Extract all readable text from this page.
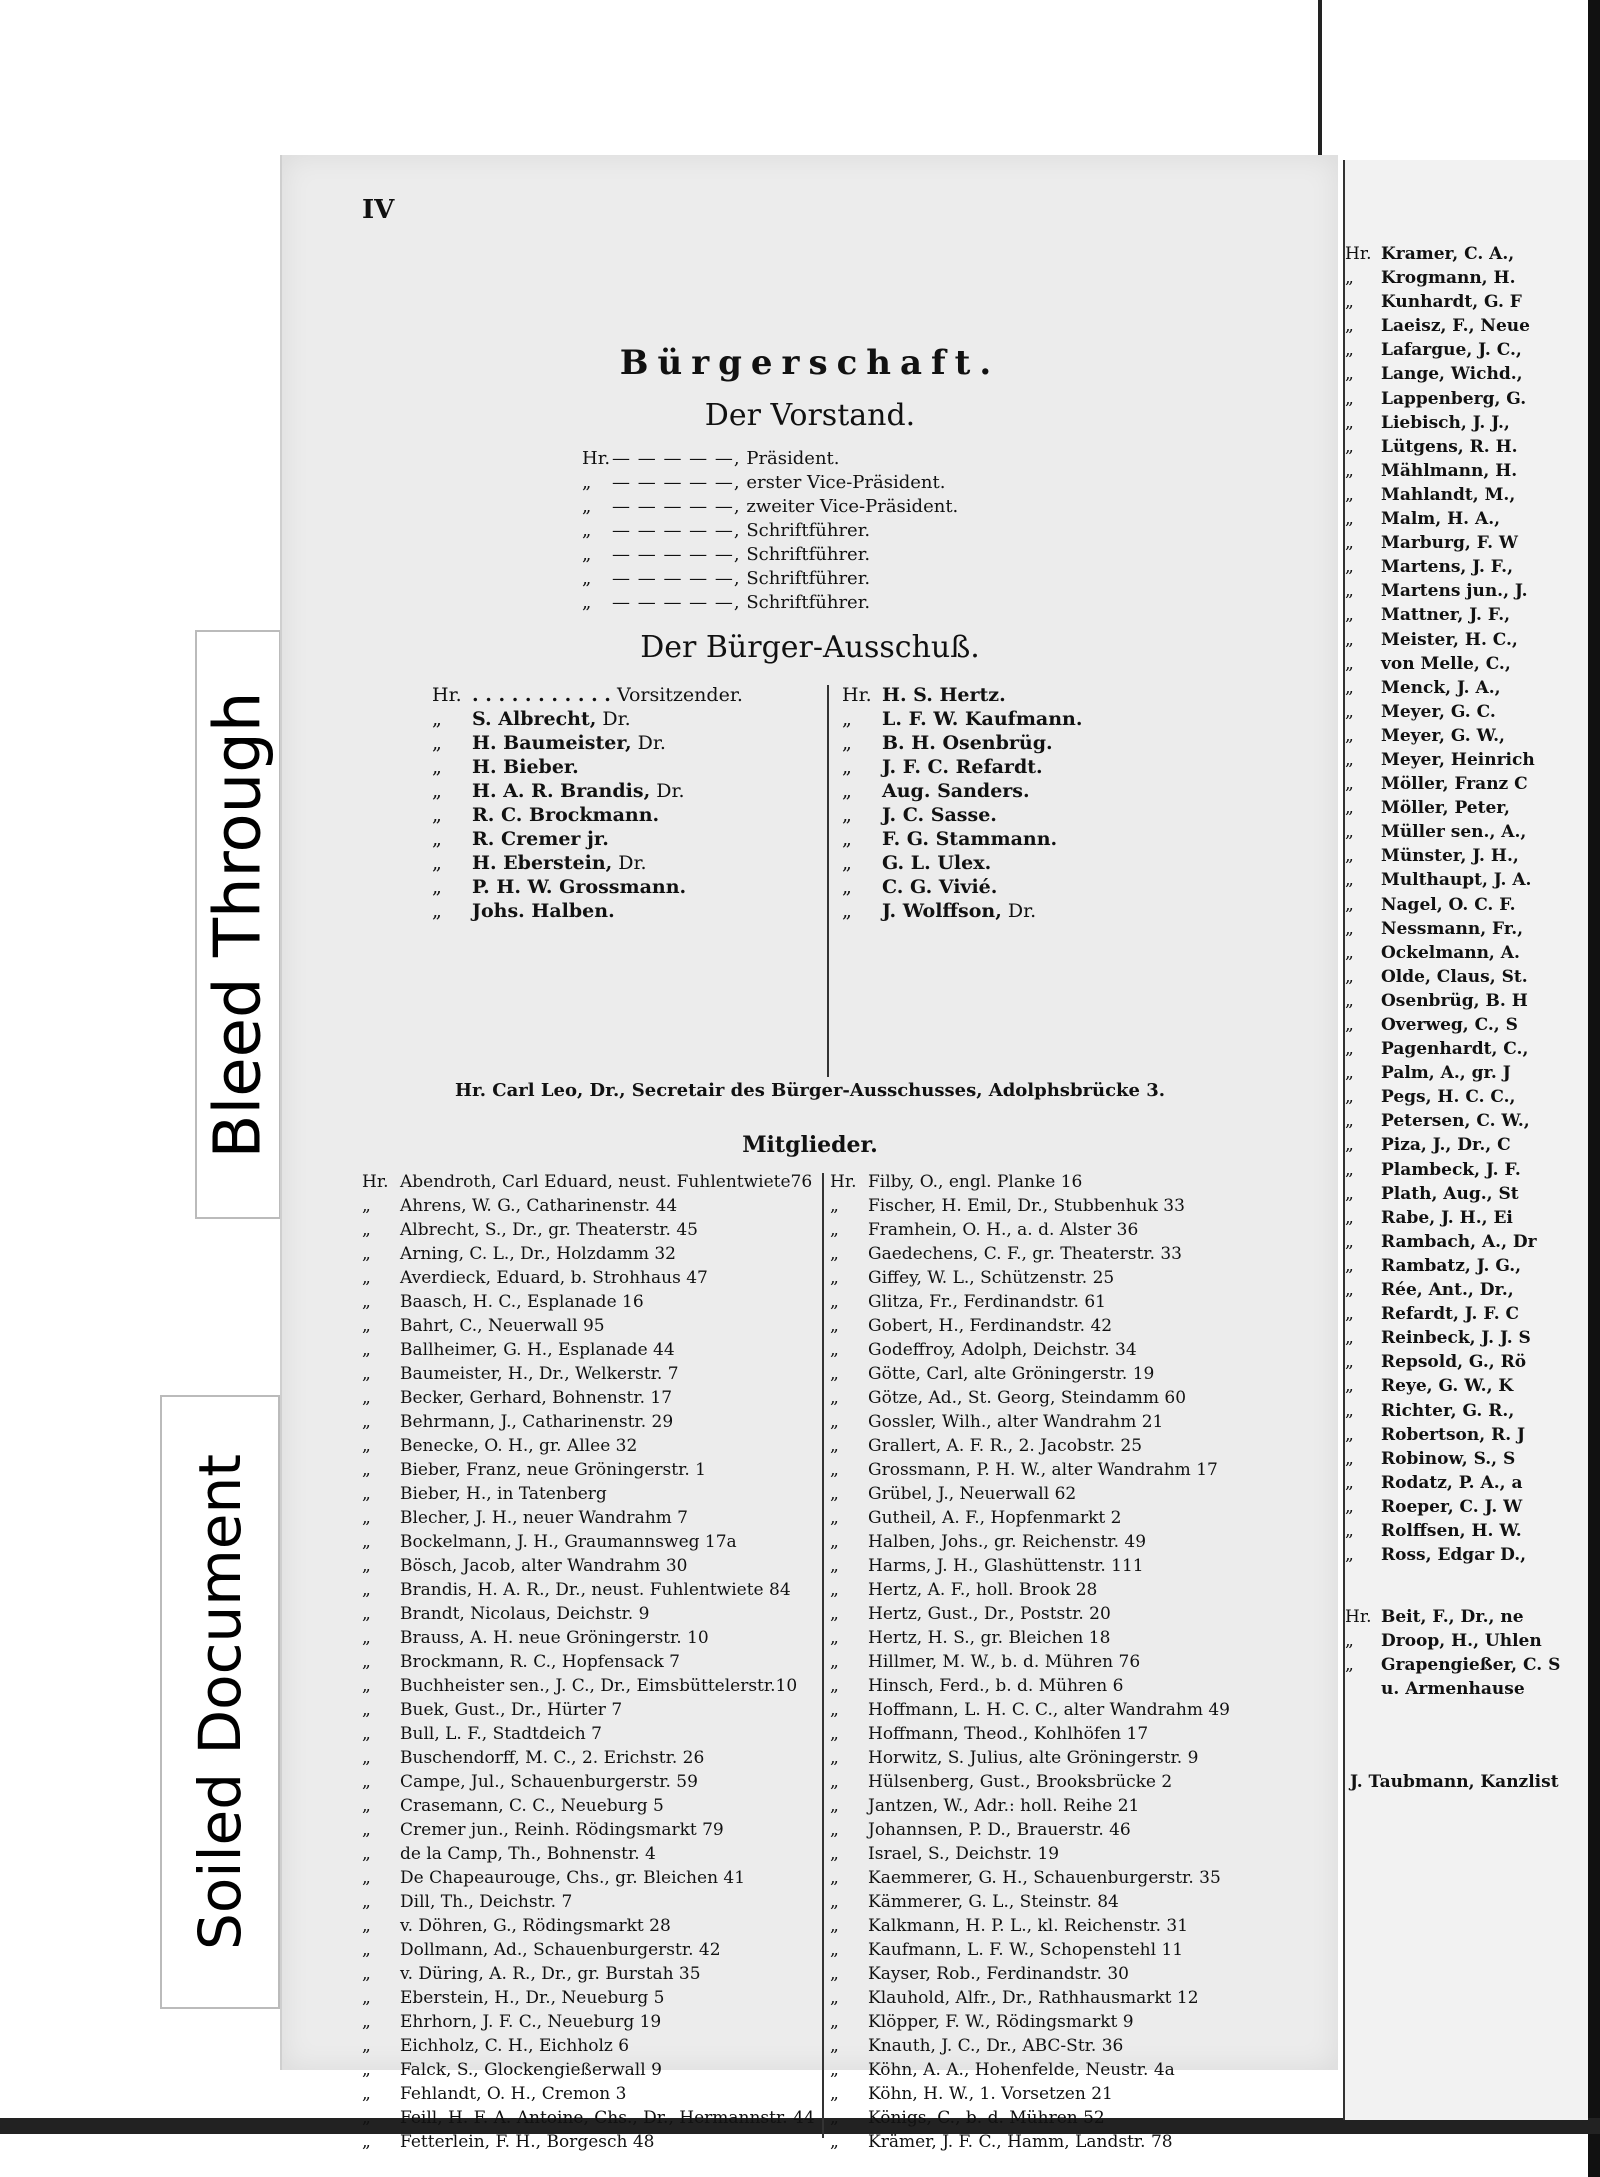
Bleed Through
Soiled Document
IV
Bürgerschaft.
Der Vorstand.
Hr. — — — — —, Präsident.
„ — — — — —, erster Vice-Präsident.
„ — — — — —, zweiter Vice-Präsident.
„ — — — — —, Schriftführer.
„ — — — — —, Schriftführer.
„ — — — — —, Schriftführer.
„ — — — — —, Schriftführer.
Der Bürger-Ausschuß.
Hr. . . . . . . . . . . . Vorsitzender.
„ S. Albrecht, Dr.
„ H. Baumeister, Dr.
„ H. Bieber.
„ H. A. R. Brandis, Dr.
„ R. C. Brockmann.
„ R. Cremer jr.
„ H. Eberstein, Dr.
„ P. H. W. Grossmann.
„ Johs. Halben.
Hr. H. S. Hertz.
„ L. F. W. Kaufmann.
„ B. H. Osenbrüg.
„ J. F. C. Refardt.
„ Aug. Sanders.
„ J. C. Sasse.
„ F. G. Stammann.
„ G. L. Ulex.
„ C. G. Vivié.
„ J. Wolffson, Dr.
Hr. Carl Leo, Dr., Secretair des Bürger-Ausschusses, Adolphsbrücke 3.
Mitglieder.
Hr. Abendroth, Carl Eduard, neust. Fuhlentwiete76
„ Ahrens, W. G., Catharinenstr. 44
„ Albrecht, S., Dr., gr. Theaterstr. 45
„ Arning, C. L., Dr., Holzdamm 32
„ Averdieck, Eduard, b. Strohhaus 47
„ Baasch, H. C., Esplanade 16
„ Bahrt, C., Neuerwall 95
„ Ballheimer, G. H., Esplanade 44
„ Baumeister, H., Dr., Welkerstr. 7
„ Becker, Gerhard, Bohnenstr. 17
„ Behrmann, J., Catharinenstr. 29
„ Benecke, O. H., gr. Allee 32
„ Bieber, Franz, neue Gröningerstr. 1
„ Bieber, H., in Tatenberg
„ Blecher, J. H., neuer Wandrahm 7
„ Bockelmann, J. H., Graumannsweg 17a
„ Bösch, Jacob, alter Wandrahm 30
„ Brandis, H. A. R., Dr., neust. Fuhlentwiete 84
„ Brandt, Nicolaus, Deichstr. 9
„ Brauss, A. H. neue Gröningerstr. 10
„ Brockmann, R. C., Hopfensack 7
„ Buchheister sen., J. C., Dr., Eimsbüttelerstr.10
„ Buek, Gust., Dr., Hürter 7
„ Bull, L. F., Stadtdeich 7
„ Buschendorff, M. C., 2. Erichstr. 26
„ Campe, Jul., Schauenburgerstr. 59
„ Crasemann, C. C., Neueburg 5
„ Cremer jun., Reinh. Rödingsmarkt 79
„ de la Camp, Th., Bohnenstr. 4
„ De Chapeaurouge, Chs., gr. Bleichen 41
„ Dill, Th., Deichstr. 7
„ v. Döhren, G., Rödingsmarkt 28
„ Dollmann, Ad., Schauenburgerstr. 42
„ v. Düring, A. R., Dr., gr. Burstah 35
„ Eberstein, H., Dr., Neueburg 5
„ Ehrhorn, J. F. C., Neueburg 19
„ Eichholz, C. H., Eichholz 6
„ Falck, S., Glockengießerwall 9
„ Fehlandt, O. H., Cremon 3
„ Feill, H. F. A. Antoine, Chs., Dr., Hermannstr. 44
„ Fetterlein, F. H., Borgesch 48
Hr. Filby, O., engl. Planke 16
„ Fischer, H. Emil, Dr., Stubbenhuk 33
„ Framhein, O. H., a. d. Alster 36
„ Gaedechens, C. F., gr. Theaterstr. 33
„ Giffey, W. L., Schützenstr. 25
„ Glitza, Fr., Ferdinandstr. 61
„ Gobert, H., Ferdinandstr. 42
„ Godeffroy, Adolph, Deichstr. 34
„ Götte, Carl, alte Gröningerstr. 19
„ Götze, Ad., St. Georg, Steindamm 60
„ Gossler, Wilh., alter Wandrahm 21
„ Grallert, A. F. R., 2. Jacobstr. 25
„ Grossmann, P. H. W., alter Wandrahm 17
„ Grübel, J., Neuerwall 62
„ Gutheil, A. F., Hopfenmarkt 2
„ Halben, Johs., gr. Reichenstr. 49
„ Harms, J. H., Glashüttenstr. 111
„ Hertz, A. F., holl. Brook 28
„ Hertz, Gust., Dr., Poststr. 20
„ Hertz, H. S., gr. Bleichen 18
„ Hillmer, M. W., b. d. Mühren 76
„ Hinsch, Ferd., b. d. Mühren 6
„ Hoffmann, L. H. C. C., alter Wandrahm 49
„ Hoffmann, Theod., Kohlhöfen 17
„ Horwitz, S. Julius, alte Gröningerstr. 9
„ Hülsenberg, Gust., Brooksbrücke 2
„ Jantzen, W., Adr.: holl. Reihe 21
„ Johannsen, P. D., Brauerstr. 46
„ Israel, S., Deichstr. 19
„ Kaemmerer, G. H., Schauenburgerstr. 35
„ Kämmerer, G. L., Steinstr. 84
„ Kalkmann, H. P. L., kl. Reichenstr. 31
„ Kaufmann, L. F. W., Schopenstehl 11
„ Kayser, Rob., Ferdinandstr. 30
„ Klauhold, Alfr., Dr., Rathhausmarkt 12
„ Klöpper, F. W., Rödingsmarkt 9
„ Knauth, J. C., Dr., ABC-Str. 36
„ Köhn, A. A., Hohenfelde, Neustr. 4a
„ Köhn, H. W., 1. Vorsetzen 21
„ Königs, C., b. d. Mühren 52
„ Krämer, J. F. C., Hamm, Landstr. 78
Hr. Kramer, C. A.,
„ Krogmann, H.
„ Kunhardt, G. F
„ Laeisz, F., Neue
„ Lafargue, J. C.,
„ Lange, Wichd.,
„ Lappenberg, G.
„ Liebisch, J. J.,
„ Lütgens, R. H.
„ Mählmann, H.
„ Mahlandt, M.,
„ Malm, H. A.,
„ Marburg, F. W
„ Martens, J. F.,
„ Martens jun., J.
„ Mattner, J. F.,
„ Meister, H. C.,
„ von Melle, C.,
„ Menck, J. A.,
„ Meyer, G. C.
„ Meyer, G. W.,
„ Meyer, Heinrich
„ Möller, Franz C
„ Möller, Peter,
„ Müller sen., A.,
„ Münster, J. H.,
„ Multhaupt, J. A.
„ Nagel, O. C. F.
„ Nessmann, Fr.,
„ Ockelmann, A.
„ Olde, Claus, St.
„ Osenbrüg, B. H
„ Overweg, C., S
„ Pagenhardt, C.,
„ Palm, A., gr. J
„ Pegs, H. C. C.,
„ Petersen, C. W.,
„ Piza, J., Dr., C
„ Plambeck, J. F.
„ Plath, Aug., St
„ Rabe, J. H., Ei
„ Rambach, A., Dr
„ Rambatz, J. G.,
„ Rée, Ant., Dr.,
„ Refardt, J. F. C
„ Reinbeck, J. J. S
„ Repsold, G., Rö
„ Reye, G. W., K
„ Richter, G. R.,
„ Robertson, R. J
„ Robinow, S., S
„ Rodatz, P. A., a
„ Roeper, C. J. W
„ Rolffsen, H. W.
„ Ross, Edgar D.,
Hr. Beit, F., Dr., ne
„ Droop, H., Uhlen
„ Grapengießer, C. S
u. Armenhause
J. Taubmann, Kanzlist
